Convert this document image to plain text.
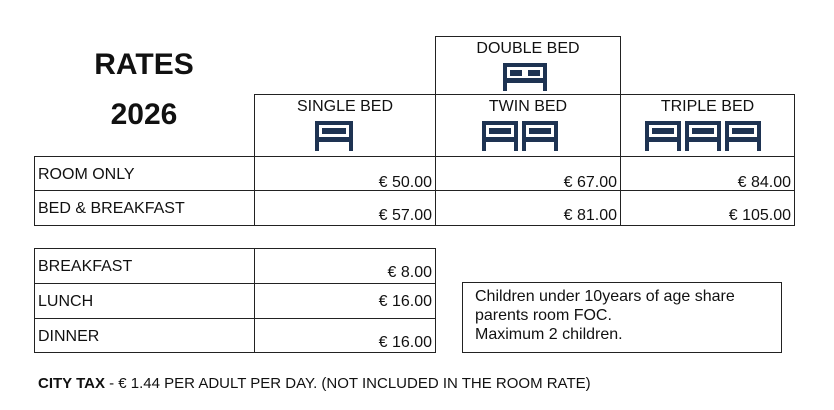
RATES
2026
DOUBLE BED
SINGLE BED	TWIN BED	TRIPLE BED
ROOM ONLY	€ 50.00	€ 67.00	€ 84.00
BED & BREAKFAST	€ 57.00	€ 81.00	€ 105.00
BREAKFAST	€ 8.00
LUNCH	€ 16.00
DINNER	€ 16.00
Children under 10years of age share
parents room FOC.
Maximum 2 children.
CITY TAX - € 1.44 PER ADULT PER DAY. (NOT INCLUDED IN THE ROOM RATE)
